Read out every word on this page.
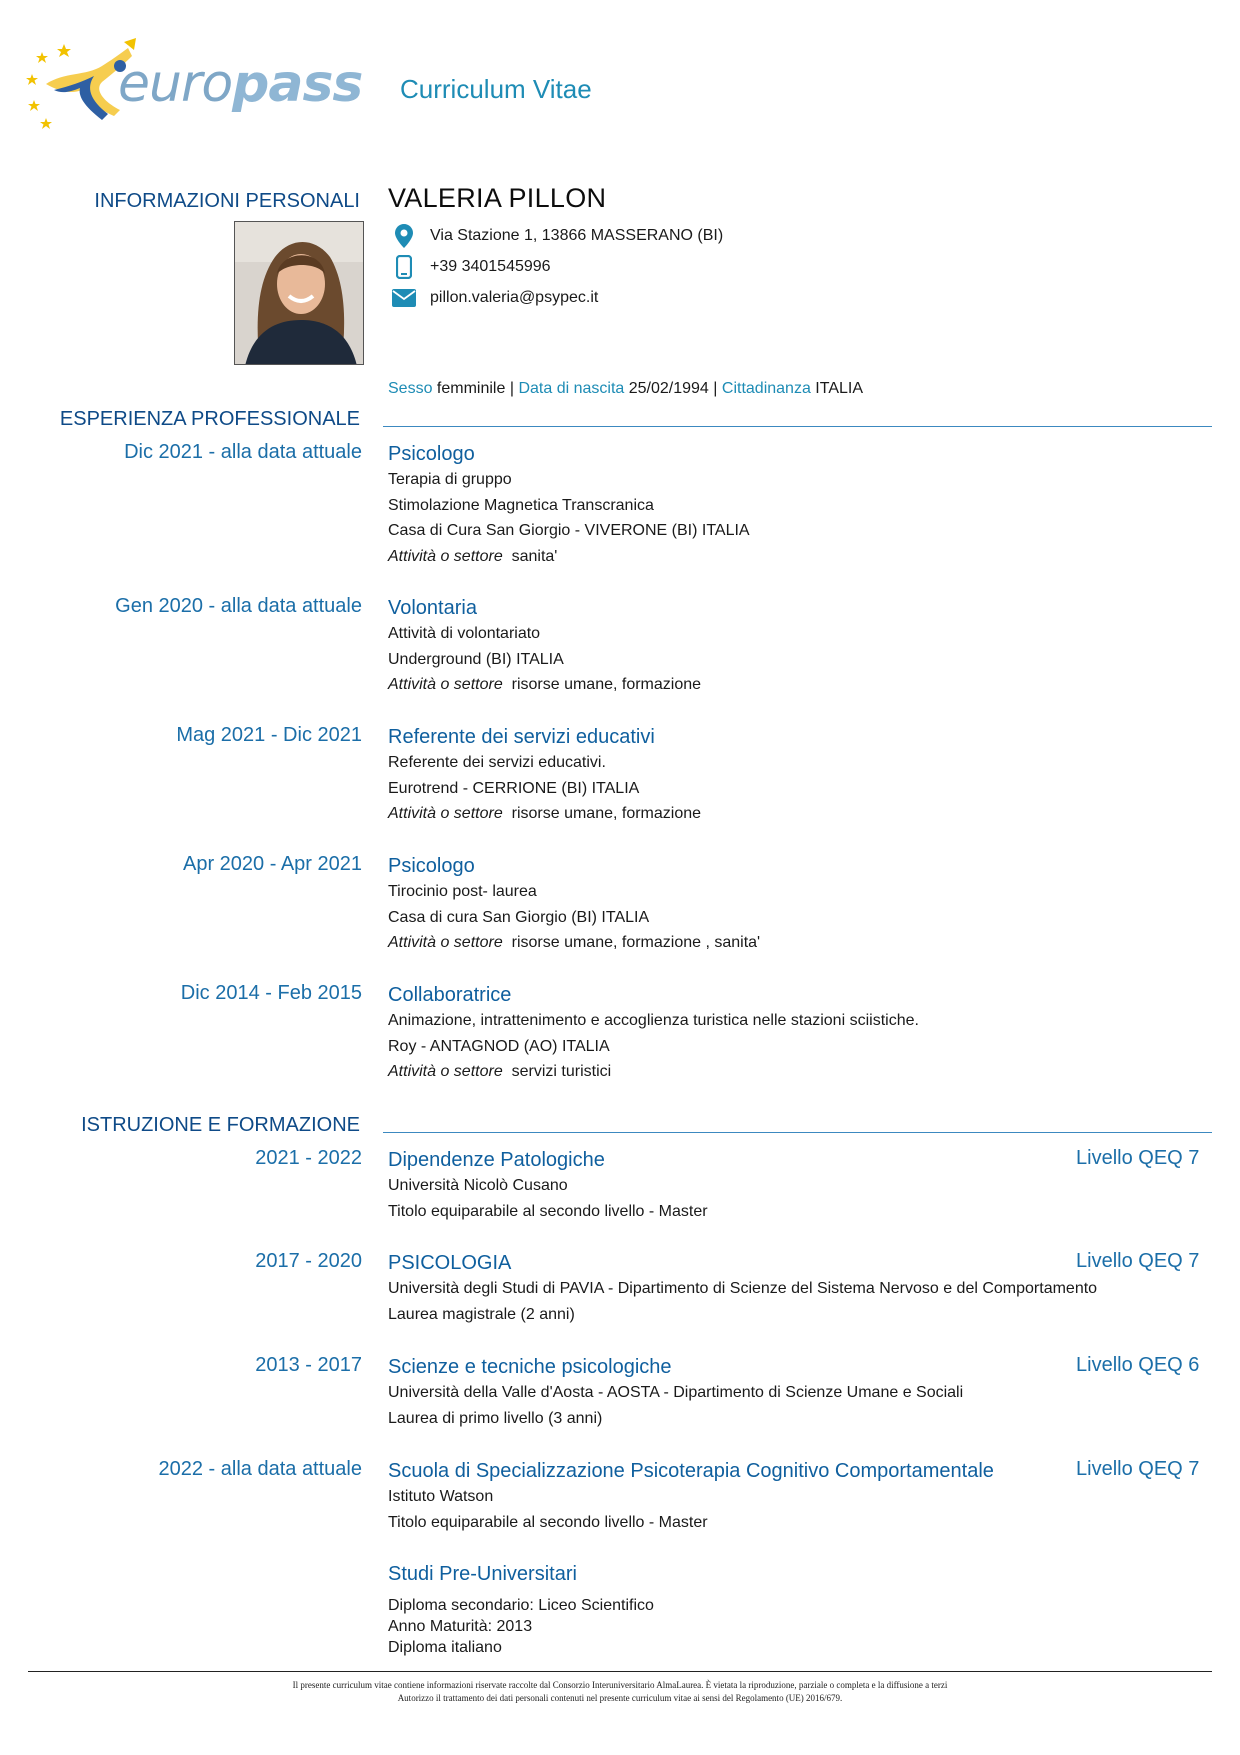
europass Curriculum Vitae
INFORMAZIONI PERSONALI VALERIA PILLON
Via Stazione 1, 13866 MASSERANO (BI)
+39 3401545996
pillon.valeria@psypec.it
Sesso femminile | Data di nascita 25/02/1994 | Cittadinanza ITALIA
ESPERIENZA PROFESSIONALE
Dic 2021 - alla data attuale Psicologo
Terapia di gruppo
Stimolazione Magnetica Transcranica
Casa di Cura San Giorgio - VIVERONE (BI) ITALIA
Attività o settore sanita'
Gen 2020 - alla data attuale Volontaria
Attività di volontariato
Underground (BI) ITALIA
Attività o settore risorse umane, formazione
Mag 2021 - Dic 2021 Referente dei servizi educativi
Referente dei servizi educativi.
Eurotrend - CERRIONE (BI) ITALIA
Attività o settore risorse umane, formazione
Apr 2020 - Apr 2021 Psicologo
Tirocinio post- laurea
Casa di cura San Giorgio (BI) ITALIA
Attività o settore risorse umane, formazione , sanita'
Dic 2014 - Feb 2015 Collaboratrice
Animazione, intrattenimento e accoglienza turistica nelle stazioni sciistiche.
Roy - ANTAGNOD (AO) ITALIA
Attività o settore servizi turistici
ISTRUZIONE E FORMAZIONE
2021 - 2022	Livello QEQ 7
Dipendenze Patologiche
Università Nicolò Cusano
Titolo equiparabile al secondo livello - Master
2017 - 2020	Livello QEQ 7
PSICOLOGIA
Università degli Studi di PAVIA - Dipartimento di Scienze del Sistema Nervoso e del Comportamento
Laurea magistrale (2 anni)
2013 - 2017	Livello QEQ 6
Scienze e tecniche psicologiche
Università della Valle d'Aosta - AOSTA - Dipartimento di Scienze Umane e Sociali
Laurea di primo livello (3 anni)
2022 - alla data attuale	Livello QEQ 7
Scuola di Specializzazione Psicoterapia Cognitivo Comportamentale
Istituto Watson
Titolo equiparabile al secondo livello - Master
Studi Pre-Universitari
Diploma secondario: Liceo Scientifico
Anno Maturità: 2013
Diploma italiano
Il presente curriculum vitae contiene informazioni riservate raccolte dal Consorzio Interuniversitario AlmaLaurea. È vietata la riproduzione, parziale o completa e la diffusione a terzi
Autorizzo il trattamento dei dati personali contenuti nel presente curriculum vitae ai sensi del Regolamento (UE) 2016/679.
